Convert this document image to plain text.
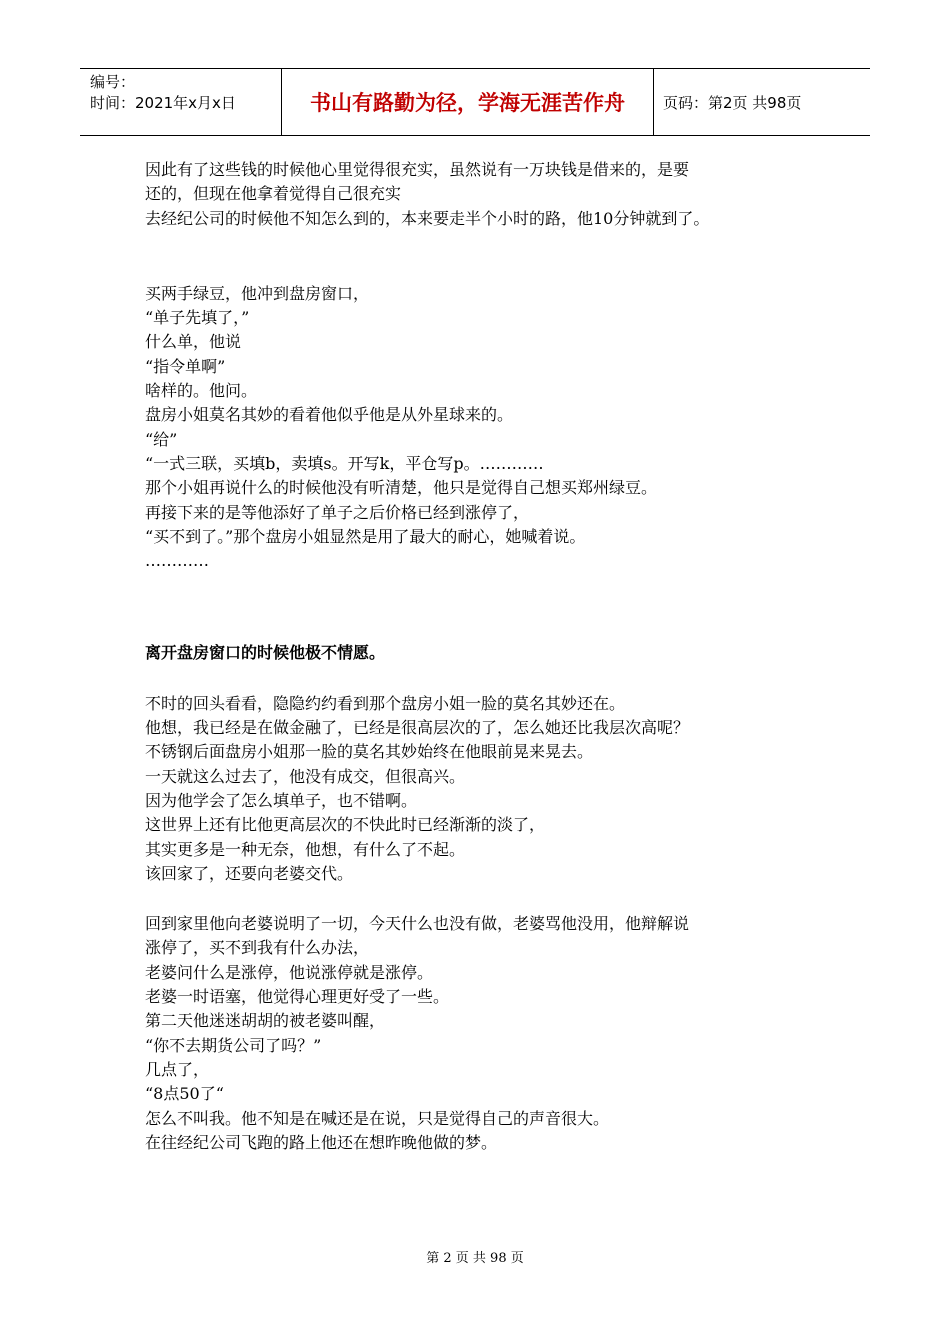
编号：
时间：2021年x月x日	书山有路勤为径，学海无涯苦作舟	页码：第2页 共98页
因此有了这些钱的时候他心里觉得很充实，虽然说有一万块钱是借来的，是要
还的，但现在他拿着觉得自己很充实
去经纪公司的时候他不知怎么到的，本来要走半个小时的路，他10分钟就到了。
买两手绿豆，他冲到盘房窗口，
“单子先填了，”
什么单，他说
“指令单啊”
啥样的。他问。
盘房小姐莫名其妙的看着他似乎他是从外星球来的。
“给”
“一式三联，买填b，卖填s。开写k，平仓写p。…………
那个小姐再说什么的时候他没有听清楚，他只是觉得自己想买郑州绿豆。
再接下来的是等他添好了单子之后价格已经到涨停了，
“买不到了。”那个盘房小姐显然是用了最大的耐心，她喊着说。
…………
离开盘房窗口的时候他极不情愿。
不时的回头看看，隐隐约约看到那个盘房小姐一脸的莫名其妙还在。
他想，我已经是在做金融了，已经是很高层次的了，怎么她还比我层次高呢？
不锈钢后面盘房小姐那一脸的莫名其妙始终在他眼前晃来晃去。
一天就这么过去了，他没有成交，但很高兴。
因为他学会了怎么填单子，也不错啊。
这世界上还有比他更高层次的不快此时已经渐渐的淡了，
其实更多是一种无奈，他想，有什么了不起。
该回家了，还要向老婆交代。
回到家里他向老婆说明了一切，今天什么也没有做，老婆骂他没用，他辩解说
涨停了，买不到我有什么办法，
老婆问什么是涨停，他说涨停就是涨停。
老婆一时语塞，他觉得心理更好受了一些。
第二天他迷迷胡胡的被老婆叫醒，
“你不去期货公司了吗？”
几点了，
“8点50了“
怎么不叫我。他不知是在喊还是在说，只是觉得自己的声音很大。
在往经纪公司飞跑的路上他还在想昨晚他做的梦。
第 2 页 共 98 页
